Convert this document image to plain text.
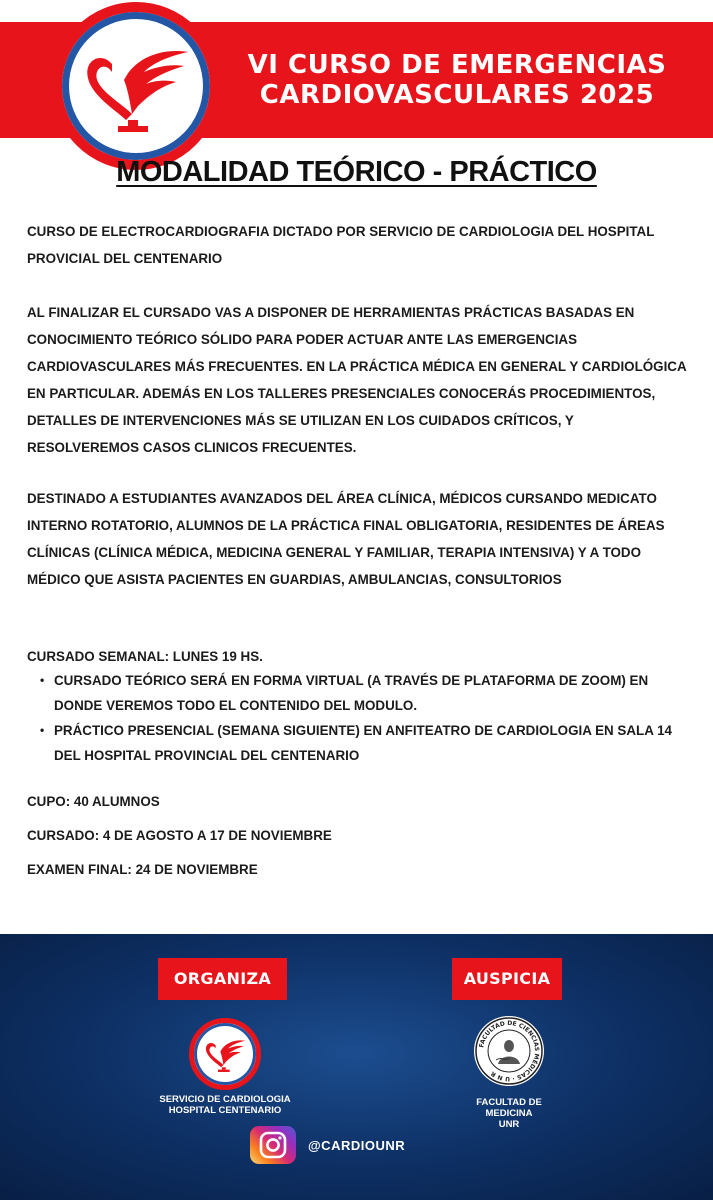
VI CURSO DE EMERGENCIAS
CARDIOVASCULARES 2025
MODALIDAD TEÓRICO - PRÁCTICO

CURSO DE ELECTROCARDIOGRAFIA DICTADO POR SERVICIO DE CARDIOLOGIA DEL HOSPITAL PROVICIAL DEL CENTENARIO

AL FINALIZAR EL CURSADO VAS A DISPONER DE HERRAMIENTAS PRÁCTICAS BASADAS EN CONOCIMIENTO TEÓRICO SÓLIDO PARA PODER ACTUAR ANTE LAS EMERGENCIAS CARDIOVASCULARES MÁS FRECUENTES. EN LA PRÁCTICA MÉDICA EN GENERAL Y CARDIOLÓGICA EN PARTICULAR. ADEMÁS EN LOS TALLERES PRESENCIALES CONOCERÁS PROCEDIMIENTOS, DETALLES DE INTERVENCIONES MÁS SE UTILIZAN EN LOS CUIDADOS CRÍTICOS, Y RESOLVEREMOS CASOS CLINICOS FRECUENTES.

DESTINADO A ESTUDIANTES AVANZADOS DEL ÁREA CLÍNICA, MÉDICOS CURSANDO MEDICATO INTERNO ROTATORIO, ALUMNOS DE LA PRÁCTICA FINAL OBLIGATORIA, RESIDENTES DE ÁREAS CLÍNICAS (CLÍNICA MÉDICA, MEDICINA GENERAL Y FAMILIAR, TERAPIA INTENSIVA) Y A TODO MÉDICO QUE ASISTA PACIENTES EN GUARDIAS, AMBULANCIAS, CONSULTORIOS

CURSADO SEMANAL: LUNES 19 HS.

• CURSADO TEÓRICO SERÁ EN FORMA VIRTUAL (A TRAVÉS DE PLATAFORMA DE ZOOM) EN DONDE VEREMOS TODO EL CONTENIDO DEL MODULO.
• PRÁCTICO PRESENCIAL (SEMANA SIGUIENTE) EN ANFITEATRO DE CARDIOLOGIA EN SALA 14 DEL HOSPITAL PROVINCIAL DEL CENTENARIO

CUPO: 40 ALUMNOS

CURSADO: 4 DE AGOSTO A 17 DE NOVIEMBRE

EXAMEN FINAL: 24 DE NOVIEMBRE

ORGANIZA	AUSPICIA
SERVICIO DE CARDIOLOGIA
HOSPITAL CENTENARIO
FACULTAD DE CIENCIAS MÉDICAS · U N R
FACULTAD DE
MEDICINA
UNR
@CARDIOUNR
